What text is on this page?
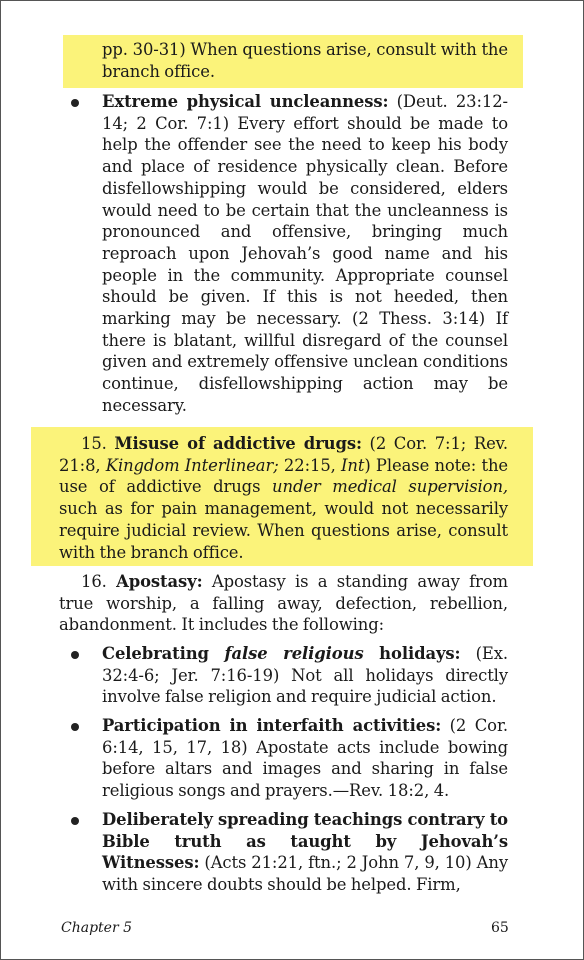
pp. 30-31) When questions arise, consult with the branch office.

Extreme physical uncleanness: (Deut. 23:12-14; 2 Cor. 7:1) Every effort should be made to help the offender see the need to keep his body and place of residence physically clean. Before disfellowshipping would be considered, elders would need to be certain that the uncleanness is pronounced and offensive, bringing much reproach upon Jehovah’s good name and his people in the community. Appropriate counsel should be given. If this is not heeded, then marking may be necessary. (2 Thess. 3:14) If there is blatant, willful disregard of the counsel given and extremely offensive unclean conditions continue, disfellowshipping action may be necessary.

15. Misuse of addictive drugs: (2 Cor. 7:1; Rev. 21:8, Kingdom Interlinear; 22:15, Int) Please note: the use of addictive drugs under medical supervision, such as for pain management, would not necessarily require judicial review. When questions arise, consult with the branch office.

16. Apostasy: Apostasy is a standing away from true worship, a falling away, defection, rebellion, abandonment. It includes the following:

Celebrating false religious holidays: (Ex. 32:4-6; Jer. 7:16-19) Not all holidays directly involve false religion and require judicial action.

Participation in interfaith activities: (2 Cor. 6:14, 15, 17, 18) Apostate acts include bowing before altars and images and sharing in false religious songs and prayers.—Rev. 18:2, 4.

Deliberately spreading teachings contrary to Bible truth as taught by Jehovah’s Witnesses: (Acts 21:21, ftn.; 2 John 7, 9, 10) Any with sincere doubts should be helped. Firm,

Chapter 5	65
